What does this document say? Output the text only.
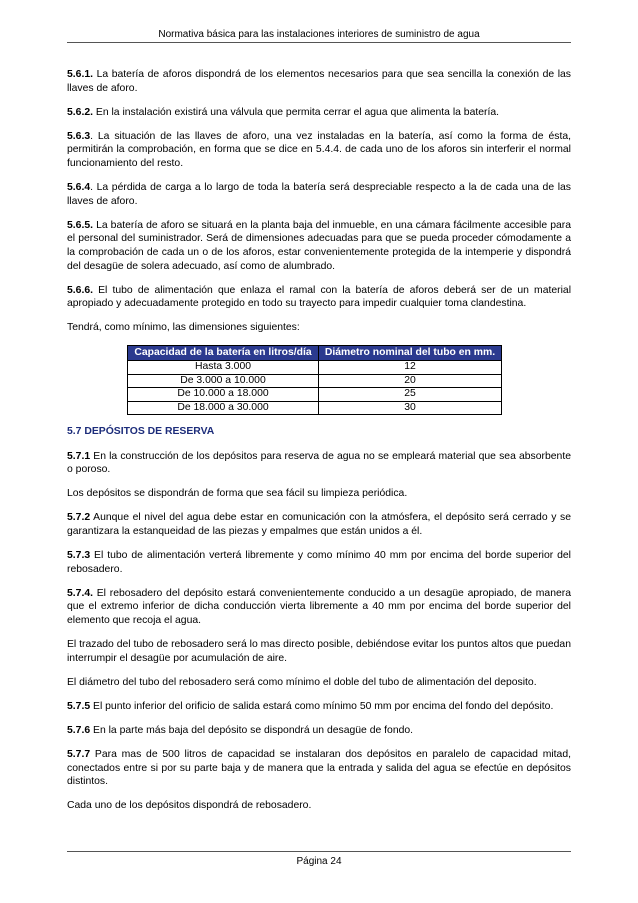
Normativa básica para las instalaciones interiores de suministro de agua

5.6.1. La batería de aforos dispondrá de los elementos necesarios para que sea sencilla la conexión de las llaves de aforo.

5.6.2. En la instalación existirá una válvula que permita cerrar el agua que alimenta la batería.

5.6.3. La situación de las llaves de aforo, una vez instaladas en la batería, así como la forma de ésta, permitirán la comprobación, en forma que se dice en 5.4.4. de cada uno de los aforos sin interferir el normal funcionamiento del resto.

5.6.4. La pérdida de carga a lo largo de toda la batería será despreciable respecto a la de cada una de las llaves de aforo.

5.6.5. La batería de aforo se situará en la planta baja del inmueble, en una cámara fácilmente accesible para el personal del suministrador. Será de dimensiones adecuadas para que se pueda proceder cómodamente a la comprobación de cada un o de los aforos, estar convenientemente protegida de la intemperie y dispondrá del desagüe de solera adecuado, así como de alumbrado.

5.6.6. El tubo de alimentación que enlaza el ramal con la batería de aforos deberá ser de un material apropiado y adecuadamente protegido en todo su trayecto para impedir cualquier toma clandestina.

Tendrá, como mínimo, las dimensiones siguientes:

Capacidad de la batería en litros/día	Diámetro nominal del tubo en mm.
Hasta 3.000	12
De 3.000 a 10.000	20
De 10.000 a 18.000	25
De 18.000 a 30.000	30

5.7 DEPÓSITOS DE RESERVA

5.7.1 En la construcción de los depósitos para reserva de agua no se empleará material que sea absorbente o poroso.

Los depósitos se dispondrán de forma que sea fácil su limpieza periódica.

5.7.2 Aunque el nivel del agua debe estar en comunicación con la atmósfera, el depósito será cerrado y se garantizara la estanqueidad de las piezas y empalmes que están unidos a él.

5.7.3 El tubo de alimentación verterá libremente y como mínimo 40 mm por encima del borde superior del rebosadero.

5.7.4. El rebosadero del depósito estará convenientemente conducido a un desagüe apropiado, de manera que el extremo inferior de dicha conducción vierta libremente a 40 mm por encima del borde superior del elemento que recoja el agua.

El trazado del tubo de rebosadero será lo mas directo posible, debiéndose evitar los puntos altos que puedan interrumpir el desagüe por acumulación de aire.

El diámetro del tubo del rebosadero será como mínimo el doble del tubo de alimentación del deposito.

5.7.5 El punto inferior del orificio de salida estará como mínimo 50 mm por encima del fondo del depósito.

5.7.6 En la parte más baja del depósito se dispondrá un desagüe de fondo.

5.7.7 Para mas de 500 litros de capacidad se instalaran dos depósitos en paralelo de capacidad mitad, conectados entre si por su parte baja y de manera que la entrada y salida del agua se efectúe en depósitos distintos.

Cada uno de los depósitos dispondrá de rebosadero.

Página 24
